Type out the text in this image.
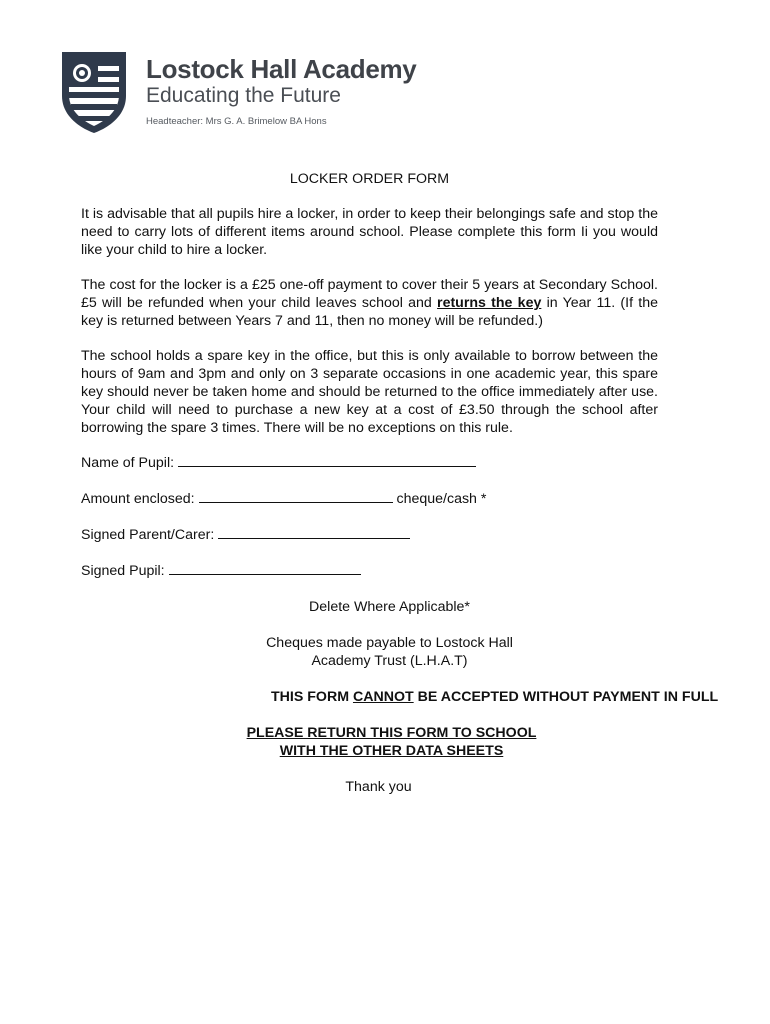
Lostock Hall Academy
Educating the Future
Headteacher: Mrs G. A. Brimelow BA Hons
LOCKER ORDER FORM

It is advisable that all pupils hire a locker, in order to keep their belongings safe and stop the need to carry lots of different items around school. Please complete this form Ii you would like your child to hire a locker.

The cost for the locker is a £25 one-off payment to cover their 5 years at Secondary School. £5 will be refunded when your child leaves school and returns the key in Year 11. (If the key is returned between Years 7 and 11, then no money will be refunded.)

The school holds a spare key in the office, but this is only available to borrow between the hours of 9am and 3pm and only on 3 separate occasions in one academic year, this spare key should never be taken home and should be returned to the office immediately after use. Your child will need to purchase a new key at a cost of £3.50 through the school after borrowing the spare 3 times. There will be no exceptions on this rule.

Name of Pupil:
Amount enclosed:	cheque/cash *
Signed Parent/Carer:
Signed Pupil:
Delete Where Applicable*
Cheques made payable to Lostock Hall
Academy Trust (L.H.A.T)
THIS FORM CANNOT BE ACCEPTED WITHOUT PAYMENT IN FULL
PLEASE RETURN THIS FORM TO SCHOOL
WITH THE OTHER DATA SHEETS
Thank you
